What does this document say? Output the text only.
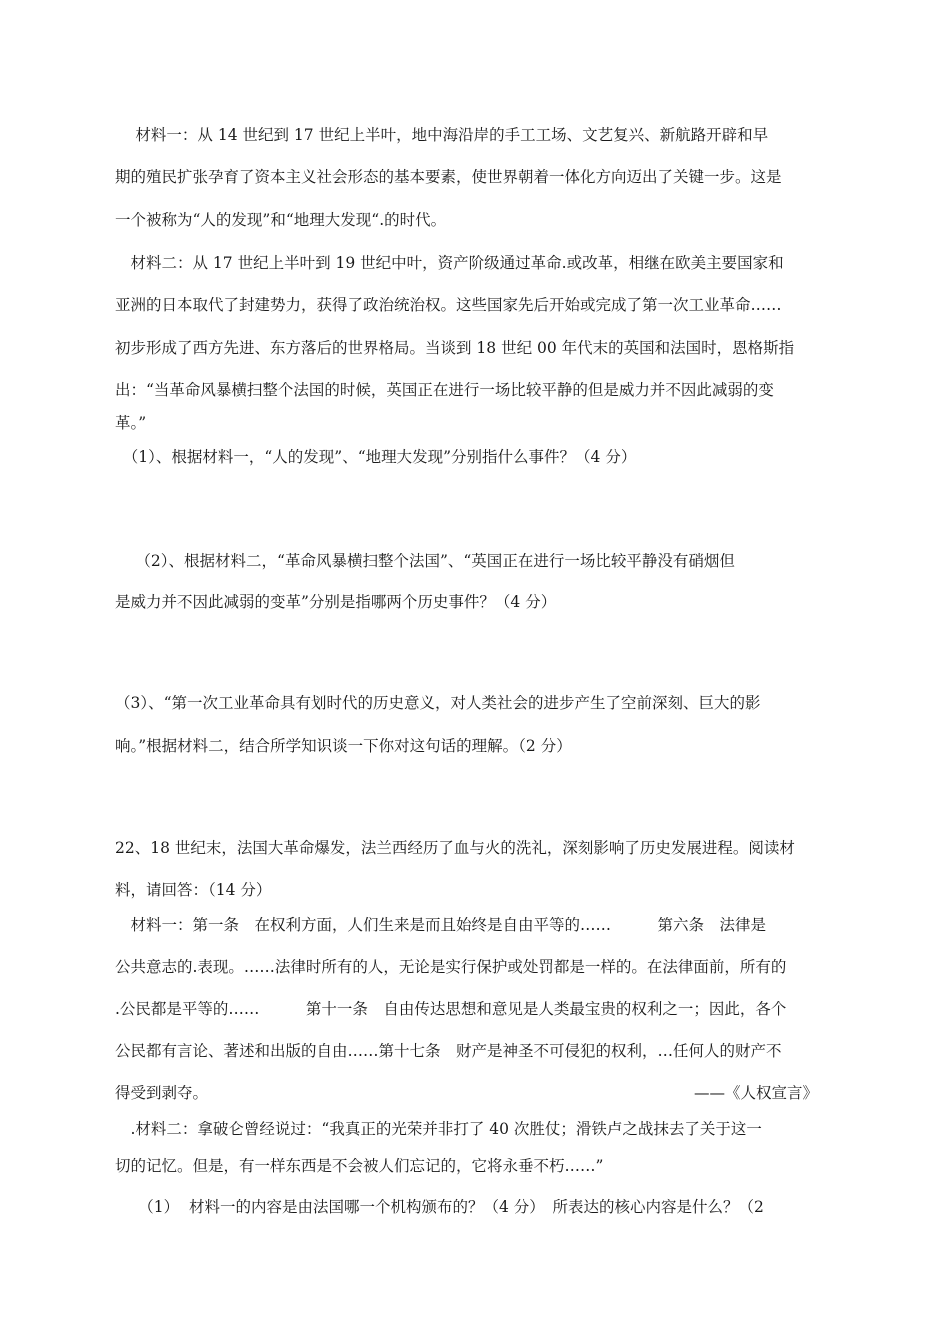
　 材料一：从 14 世纪到 17 世纪上半叶，地中海沿岸的手工工场、文艺复兴、新航路开辟和早
期的殖民扩张孕育了资本主义社会形态的基本要素，使世界朝着一体化方向迈出了关键一步。这是
一个被称为“人的发现”和“地理大发现“.的时代。
　材料二：从 17 世纪上半叶到 19 世纪中叶，资产阶级通过革命.或改革，相继在欧美主要国家和
亚洲的日本取代了封建势力，获得了政治统治权。这些国家先后开始或完成了第一次工业革命……
初步形成了西方先进、东方落后的世界格局。当谈到 18 世纪 00 年代末的英国和法国时，恩格斯指
出：“当革命风暴横扫整个法国的时候，英国正在进行一场比较平静的但是威力并不因此减弱的变
革。”
　（1）、根据材料一，“人的发现”、“地理大发现”分别指什么事件？（4 分）
　 （2）、根据材料二，“革命风暴横扫整个法国”、“英国正在进行一场比较平静没有硝烟但
是威力并不因此减弱的变革”分别是指哪两个历史事件？（4 分）
（3）、“第一次工业革命具有划时代的历史意义，对人类社会的进步产生了空前深刻、巨大的影
响。”根据材料二，结合所学知识谈一下你对这句话的理解。（2 分）
22、18 世纪末，法国大革命爆发，法兰西经历了血与火的洗礼，深刻影响了历史发展进程。阅读材
料，请回答：（14 分）
　材料一：第一条　在权利方面，人们生来是而且始终是自由平等的……　　　第六条　法律是
公共意志的.表现。……法律时所有的人，无论是实行保护或处罚都是一样的。在法律面前，所有的
.公民都是平等的……　　　第十一条　自由传达思想和意见是人类最宝贵的权利之一；因此，各个
公民都有言论、著述和出版的自由……第十七条　财产是神圣不可侵犯的权利，…任何人的财产不
得受到剥夺。	——《人权宣言》
　.材料二：拿破仑曾经说过：“我真正的光荣并非打了 40 次胜仗；滑铁卢之战抹去了关于这一
切的记忆。但是，有一样东西是不会被人们忘记的，它将永垂不朽……”
　　（1）  材料一的内容是由法国哪一个机构颁布的？（4 分）　所表达的核心内容是什么？（2
